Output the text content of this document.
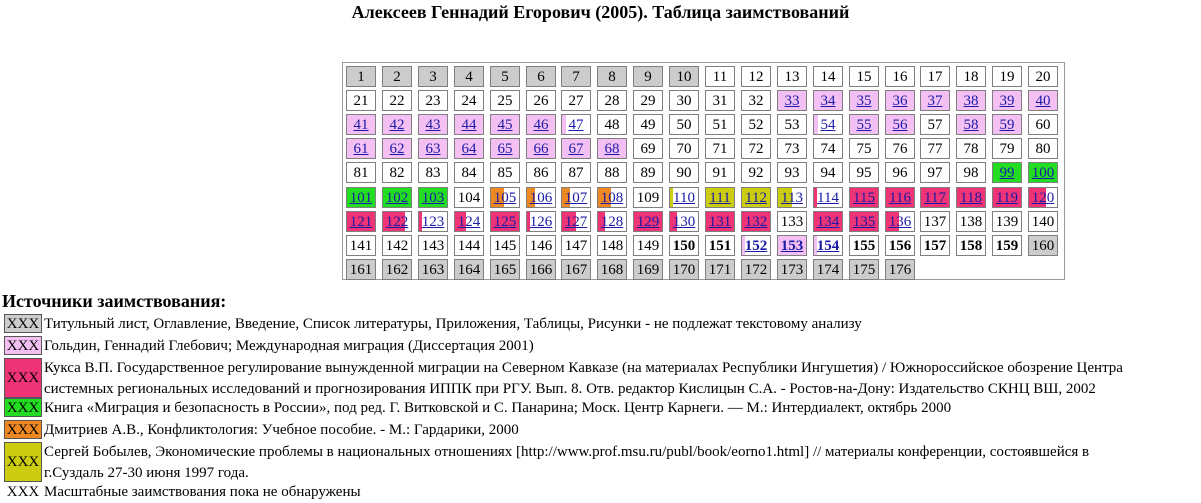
Алексеев Геннадий Егорович (2005). Таблица заимствований
1	2	3	4	5	6	7	8	9	10	11	12	13	14	15	16	17	18	19	20
21	22	23	24	25	26	27	28	29	30	31	32	33	34	35	36	37	38	39	40
41	42	43	44	45	46	47	48	49	50	51	52	53	54	55	56	57	58	59	60
61	62	63	64	65	66	67	68	69	70	71	72	73	74	75	76	77	78	79	80
81	82	83	84	85	86	87	88	89	90	91	92	93	94	95	96	97	98	99	100
101 102 103 104 105 106 107 108 109 110 111 112 113 114 115 116 117 118 119 120
121 122 123 124 125 126 127 128 129 130 131 132 133 134 135 136 137 138 139 140
141 142 143 144 145 146 147 148 149 150 151 152 153 154 155 156 157 158 159 160
161 162 163 164 165 166 167 168 169 170 171 172 173 174 175 176
Источники заимствования:
XXX Титульный лист, Оглавление, Введение, Список литературы, Приложения, Таблицы, Рисунки - не подлежат текстовому анализу
XXX Гольдин, Геннадий Глебович; Международная миграция (Диссертация 2001)
XXX
Кукса В.П. Государственное регулирование вынужденной миграции на Северном Кавказе (на материалах Республики Ингушетия) / Южнороссийское обозрение Центра
системных региональных исследований и прогнозирования ИППК при РГУ. Вып. 8. Отв. редактор Кислицын С.А. - Ростов-на-Дону: Издательство СКНЦ ВШ, 2002
XXX Книга «Миграция и безопасность в России», под ред. Г. Витковской и С. Панарина; Моск. Центр Карнеги. — М.: Интердиалект, октябрь 2000
XXX Дмитриев А.В., Конфликтология: Учебное пособие. - М.: Гардарики, 2000
XXX
Сергей Бобылев, Экономические проблемы в национальных отношениях [http://www.prof.msu.ru/publ/book/eorno1.html] // материалы конференции, состоявшейся в
г.Суздаль 27-30 июня 1997 года.
XXX Масштабные заимствования пока не обнаружены
